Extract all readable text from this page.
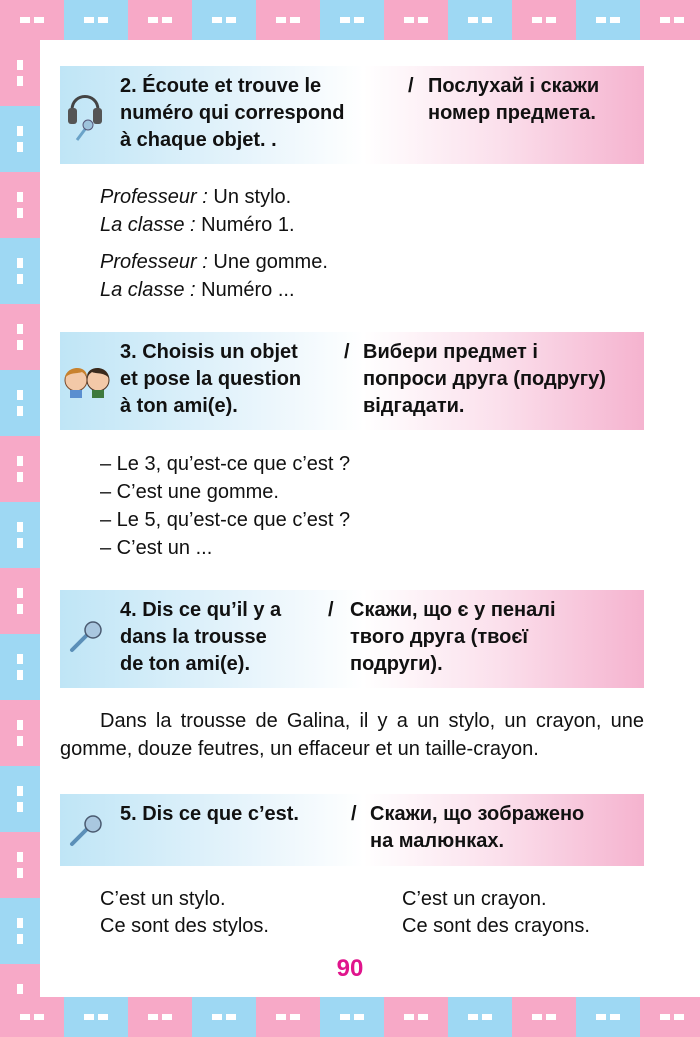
2. Écoute et trouve le
numéro qui correspond
à chaque objet. .
/ Послухай і скажи
номер предмета.
Professeur : Un stylo.
La classe : Numéro 1.
Professeur : Une gomme.
La classe : Numéro ...
3. Choisis un objet
et pose la question
à ton ami(e).
/ Вибери предмет і
попроси друга (подругу)
відгадати.
– Le 3, qu’est-ce que c’est ?
– C’est une gomme.
– Le 5, qu’est-ce que c’est ?
– C’est un ...
4. Dis ce qu’il y a
dans la trousse
de ton ami(e).
/ Скажи, що є у пеналі
твого друга (твоєї
подруги).
Dans la trousse de Galina, il y a un stylo, un crayon, une gomme, douze feutres, un effaceur et un taille-crayon.
5. Dis ce que c’est.	/ Скажи, що зображено
на малюнках.
C’est un stylo.
Ce sont des stylos.
C’est un crayon.
Ce sont des crayons.
90
